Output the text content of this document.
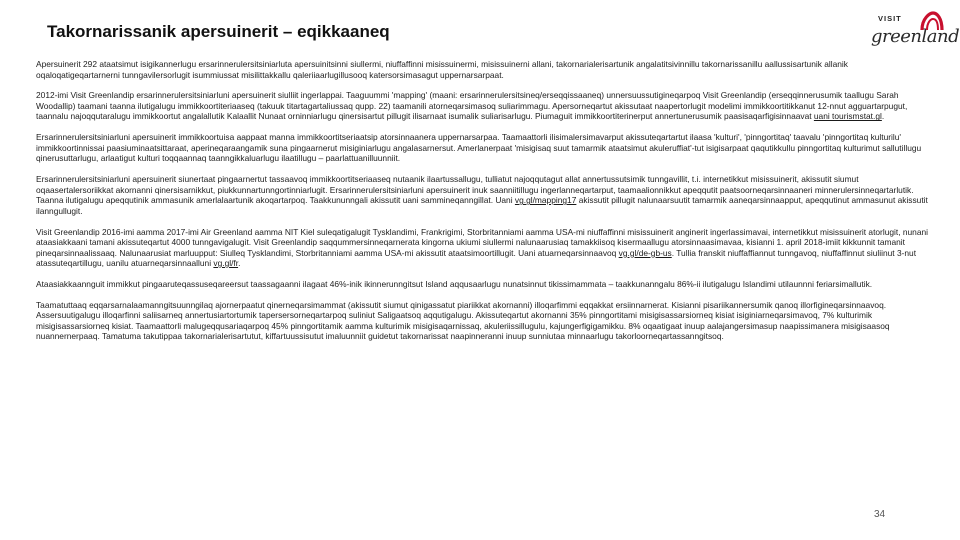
Takornarissanik apersuinerit – eqikkaaneq
VISIT
greenland

Apersuinerit 292 ataatsimut isigikannerlugu ersarinnerulersitsiniarluta apersuinitsinni siullermi, niuffaffinni misissuinermi, misissuinerni allani, takornarialerisartunik angalatitsivinnillu takornarissanillu aallussisartunik allanik oqaloqatigeqartarnerni tunngavilersorlugit isummiussat misilittakkallu qaleriiaarlugillusooq katersorsimasagut uppernarsarpaat.

2012-imi Visit Greenlandip ersarinnerulersitsiniarluni apersuinerit siulliit ingerlappai. Taaguummi 'mapping' (maani: ersarinnerulersitsineq/erseqqissaaneq) unnersuussutigineqarpoq Visit Greenlandip (erseqqinnerusumik taallugu Sarah Woodallip) taamani taanna ilutigalugu immikkoortiteriaaseq (takuuk titartagartaliussaq qupp. 22) taamanili atorneqarsimasoq suliarimmagu. Apersorneqartut akissutaat naapertorlugit modelimi immikkoortitikkanut 12-nnut agguartarpugut, taannalu najoqqutaralugu immikkoortut angalallutik Kalaallit Nunaat orninniarlugu qinersisartut pillugit ilisarnaat isumalik suliarisarlugu. Piumaguit immikkoortiterinerput annertunerusumik paasisaqarfigisinnaavat uani tourismstat.gl.

Ersarinnerulersitsiniarluni apersuinerit immikkoortuisa aappaat manna immikkoortitseriaatsip atorsinnaanera uppernarsarpaa. Taamaattorli ilisimalersimavarput akissuteqartartut ilaasa 'kulturi', 'pinngortitaq' taavalu 'pinngortitaq kulturilu' immikkoortinnissai paasiuminaatsittaraat, aperineqaraangamik suna pingaarnerut misiginiarlugu angalasarnersut. Amerlanerpaat 'misigisaq suut tamarmik ataatsimut akuleruffiat'-tut isigisarpaat qaqutikkullu pinngortitaq kulturimut sallutillugu qinerusuttarlugu, arlaatigut kulturi toqqaannaq taanngikkaluarlugu ilaatillugu – paarlattuanilluunniit.

Ersarinnerulersitsiniarluni apersuinerit siunertaat pingaarnertut tassaavoq immikkoortitseriaaseq nutaanik ilaartussallugu, tulliatut najoqqutagut allat annertussutsimik tunngavillit, t.i. internetikkut misissuinerit, akissutit siumut oqaasertalersoriikkat akornanni qinersisarnikkut, piukkunnartunngortinniarlugit. Ersarinnerulersitsiniarluni apersuinerit inuk saanniitillugu ingerlanneqartarput, taamaalionnikkut apeqqutit paatsoorneqarsinnaaneri minnerulersinneqartarlutik. Taanna ilutigalugu apeqqutinik ammasunik amerlalaartunik akoqartarpoq. Taakkununngali akissutit uani sammineqanngillat. Uani vg.gl/mapping17 akissutit pillugit nalunaarsuutit tamarmik aaneqarsinnaapput, apeqqutinut ammasunut akissutit ilanngullugit.

Visit Greenlandip 2016-imi aamma 2017-imi Air Greenland aamma NIT Kiel suleqatigalugit Tysklandimi, Frankrigimi, Storbritanniami aamma USA-mi niuffaffinni misissuinerit anginerit ingerlassimavai, internetikkut misissuinerit atorlugit, nunani ataasiakkaani tamani akissuteqartut 4000 tunngavigalugit. Visit Greenlandip saqqummersinneqarnerata kingorna ukiumi siullermi nalunaarusiaq tamakkiisoq kisermaallugu atorsinnaasimavaa, kisianni 1. april 2018-imiit kikkunnit tamanit pineqarsinnaalissaaq. Nalunaarusiat marluupput: Siulleq Tysklandimi, Storbritanniami aamma USA-mi akissutit ataatsimoortillugit. Uani atuarneqarsinnaavoq vg.gl/de-gb-us. Tullia franskit niuffaffiannut tunngavoq, niuffaffinnut siuliinut 3-nut atassuteqartillugu, uanilu atuarneqarsinnaalluni vg.gl/fr.

Ataasiakkaannguit immikkut pingaaruteqassuseqareersut taassagaanni ilagaat 46%-inik ikinnerunngitsut Island aqqusaarlugu nunatsinnut tikissimammata – taakkunanngalu 86%-ii ilutigalugu Islandimi utilaunnni feriarsimallutik.

Taamatuttaaq eqqarsarnalaamanngitsuunngilaq ajornerpaatut qinerneqarsimammat (akissutit siumut qinigassatut piariikkat akornanni) illoqarfimmi eqqakkat ersiinnarnerat. Kisianni pisariikannersumik qanoq illorfigineqarsinnaavoq. Assersuutigalugu illoqarfinni saliisarneq annertusiartortumik tapersersorneqartarpoq suliniut Saligaatsoq aqqutigalugu. Akissuteqartut akornanni 35% pinngortitami misigisassarsiorneq kisiat isiginiarneqarsimavoq, 7% kulturimik misigisassarsiorneq kisiat. Taamaattorli malugeqqusariaqarpoq 45% pinngortitamik aamma kulturimik misigisaqarnissaq, akuleriissillugulu, kajungerfigigamikku. 8% oqaatigaat inuup aalajangersimasup naapissimanera misigisaasoq nuannernerpaaq. Tamatuma takutippaa takornarialerisartutut, kiffartuussisutut imaluunniit guidetut takornarissat naapinneranni inuup sunniutaa minnaarlugu takorloorneqartassanngitsoq.

34
